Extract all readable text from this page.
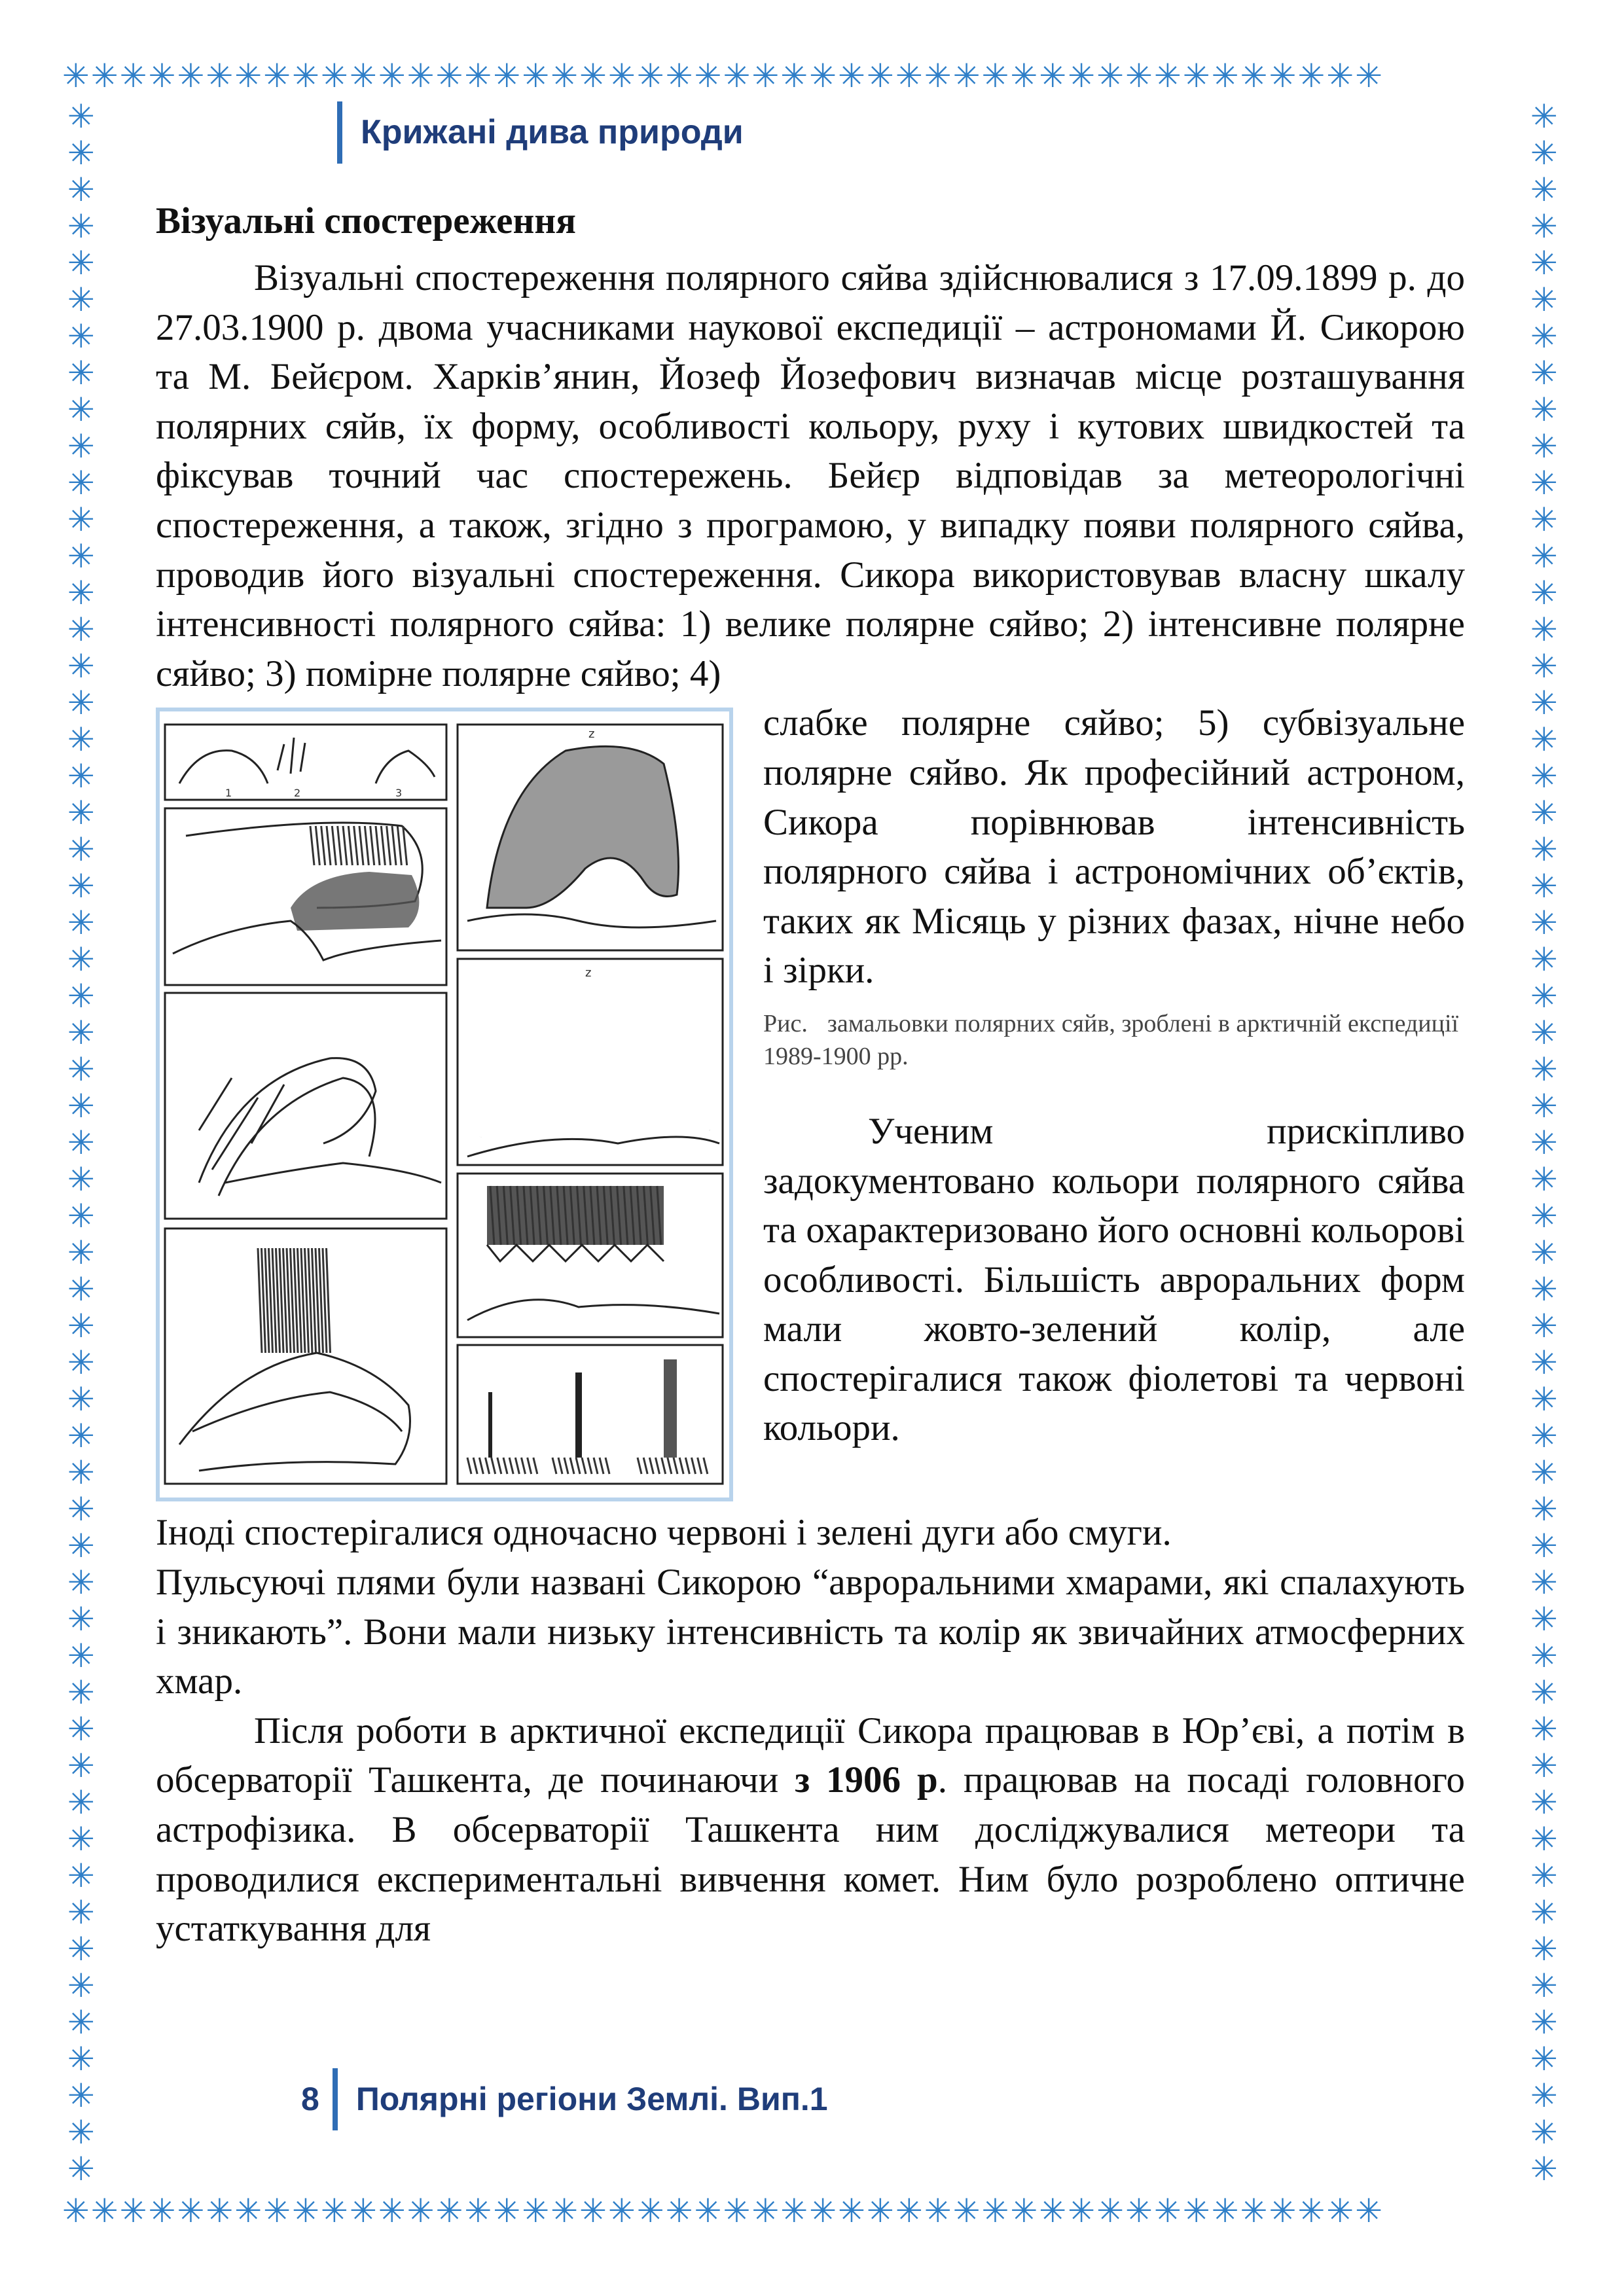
✳✳✳✳✳✳✳✳✳✳✳✳✳✳✳✳✳✳✳✳✳✳✳✳✳✳✳✳✳✳✳✳✳✳✳✳✳✳✳✳✳✳✳✳✳✳
✳✳✳✳✳✳✳✳✳✳✳✳✳✳✳✳✳✳✳✳✳✳✳✳✳✳✳✳✳✳✳✳✳✳✳✳✳✳✳✳✳✳✳✳✳✳
✳ ✳ ✳ ✳ ✳ ✳ ✳ ✳ ✳ ✳ ✳ ✳ ✳ ✳ ✳ ✳ ✳ ✳ ✳ ✳ ✳ ✳ ✳ ✳ ✳ ✳ ✳ ✳ ✳ ✳ ✳ ✳ ✳ ✳ ✳ ✳ ✳ ✳ ✳ ✳ ✳ ✳ ✳ ✳ ✳ ✳ ✳ ✳ ✳ ✳ ✳ ✳ ✳ ✳ ✳ ✳ ✳
✳ ✳ ✳ ✳ ✳ ✳ ✳ ✳ ✳ ✳ ✳ ✳ ✳ ✳ ✳ ✳ ✳ ✳ ✳ ✳ ✳ ✳ ✳ ✳ ✳ ✳ ✳ ✳ ✳ ✳ ✳ ✳ ✳ ✳ ✳ ✳ ✳ ✳ ✳ ✳ ✳ ✳ ✳ ✳ ✳ ✳ ✳ ✳ ✳ ✳ ✳ ✳ ✳ ✳ ✳ ✳ ✳
Крижані дива природи
Візуальні спостереження

Візуальні спостереження полярного сяйва здійснювалися з 17.09.1899 р. до 27.03.1900 р. двома учасниками наукової експедиції – астрономами Й. Сикорою та М. Бейєром. Харків’янин, Йозеф Йозефович визначав місце розташування полярних сяйв, їх форму, особливості кольору, руху і кутових швидкостей та фіксував точний час спостережень. Бейєр відповідав за метеорологічні спостереження, а також, згідно з програмою, у випадку появи полярного сяйва, проводив його візуальні спостереження. Сикора використовував власну шкалу інтенсивності полярного сяйва: 1) велике полярне сяйво; 2) інтенсивне полярне сяйво; 3) помірне полярне сяйво; 4)

1	2	3
z
z

слабке полярне сяйво; 5) субвізуальне полярне сяйво. Як професійний астроном, Сикора порівнював інтенсивність полярного сяйва і астрономічних об’єктів, таких як Місяць у різних фазах, нічне небо і зірки.

Рис. замальовки полярних сяйв, зроблені в арктичній експедиції 1989-1900 рр.

Ученим прискіпливо задокументовано кольори полярного сяйва та охарактеризовано його основні кольорові особливості. Більшість авроральних форм мали жовто-зелений колір, але спостерігалися також фіолетові та червоні кольори.

Іноді спостерігалися одночасно червоні і зелені дуги або смуги.

Пульсуючі плями були названі Сикорою “авроральними хмарами, які спалахують і зникають”. Вони мали низьку інтенсивність та колір як звичайних атмосферних хмар.

Після роботи в арктичної експедиції Сикора працював в Юр’єві, а потім в обсерваторії Ташкента, де починаючи з 1906 р. працював на посаді головного астрофізика. В обсерваторії Ташкента ним досліджувалися метеори та проводилися експериментальні вивчення комет. Ним було розроблено оптичне устаткування для

8	Полярні регіони Землі. Вип.1
